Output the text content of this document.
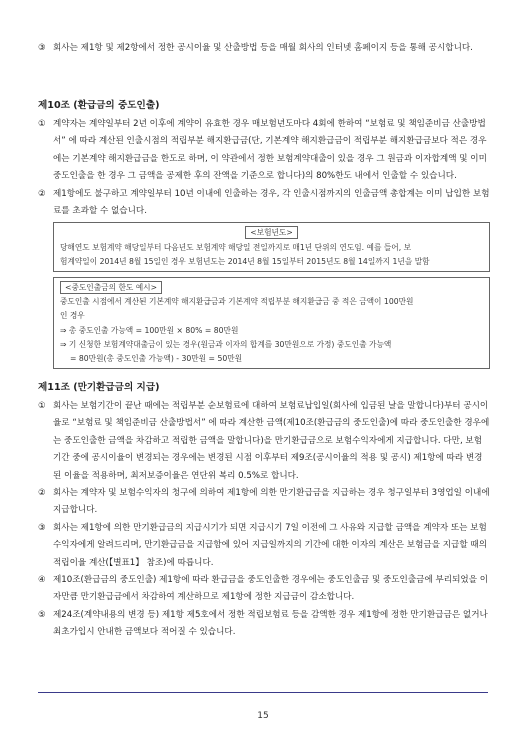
③ 회사는 제1항 및 제2항에서 정한 공시이율 및 산출방법 등을 매월 회사의 인터넷 홈페이지 등을 통해 공시합니다.

제10조 (환급금의 중도인출)

① 계약자는 계약일부터 2년 이후에 계약이 유효한 경우 매보험년도마다 4회에 한하여 “보험료 및 책임준비금 산출방법서” 에 따라 계산된 인출시점의 적립부분 해지환급금(단, 기본계약 해지환급금이 적립부분 해지환급금보다 적은 경우에는 기본계약 해지환급금을 한도로 하며, 이 약관에서 정한 보험계약대출이 있을 경우 그 원금과 이자합계액 및 이미 중도인출을 한 경우 그 금액을 공제한 후의 잔액을 기준으로 합니다)의 80%한도 내에서 인출할 수 있습니다.
② 제1항에도 불구하고 계약일부터 10년 이내에 인출하는 경우, 각 인출시점까지의 인출금액 총합계는 이미 납입한 보험료를 초과할 수 없습니다.
<보험년도>
당해연도 보험계약 해당일부터 다음년도 보험계약 해당일 전일까지로 매1년 단위의 연도임. 예를 들어, 보
험계약일이 2014년 8월 15일인 경우 보험년도는 2014년 8월 15일부터 2015년도 8월 14일까지 1년을 말함
<중도인출금의 한도 예시>
중도인출 시점에서 계산된 기본계약 해지환급금과 기본계약 적립부분 해지환급금 중 적은 금액이 100만원
인 경우
⇒ 총 중도인출 가능액 = 100만원 × 80% = 80만원
⇒ 기 신청한 보험계약대출금이 있는 경우(원금과 이자의 합계를 30만원으로 가정) 중도인출 가능액
= 80만원(총 중도인출 가능액) - 30만원 = 50만원

제11조 (만기환급금의 지급)

① 회사는 보험기간이 끝난 때에는 적립부분 순보험료에 대하여 보험료납입일(회사에 입금된 날을 말합니다)부터 공시이율로 “보험료 및 책임준비금 산출방법서” 에 따라 계산한 금액(제10조(환급금의 중도인출)에 따라 중도인출한 경우에는 중도인출한 금액을 차감하고 적립한 금액을 말합니다)을 만기환급금으로 보험수익자에게 지급합니다. 다만, 보험기간 중에 공시이율이 변경되는 경우에는 변경된 시점 이후부터 제9조(공시이율의 적용 및 공시) 제1항에 따라 변경된 이율을 적용하며, 최저보증이율은 연단위 복리 0.5%로 합니다.
② 회사는 계약자 및 보험수익자의 청구에 의하여 제1항에 의한 만기환급금을 지급하는 경우 청구일부터 3영업일 이내에 지급합니다.
③ 회사는 제1항에 의한 만기환급금의 지급시기가 되면 지급시기 7일 이전에 그 사유와 지급할 금액을 계약자 또는 보험수익자에게 알려드리며, 만기환급금을 지급함에 있어 지급일까지의 기간에 대한 이자의 계산은 보험금을 지급할 때의 적립이율 계산(【별표1】 참조)에 따릅니다.
④ 제10조(환급금의 중도인출) 제1항에 따라 환급금을 중도인출한 경우에는 중도인출금 및 중도인출금에 부리되었을 이자만큼 만기환급금에서 차감하여 계산하므로 제1항에 정한 지급금이 감소합니다.
⑤ 제24조(계약내용의 변경 등) 제1항 제5호에서 정한 적립보험료 등을 감액한 경우 제1항에 정한 만기환급금은 없거나 최초가입시 안내한 금액보다 적어질 수 있습니다.
15
